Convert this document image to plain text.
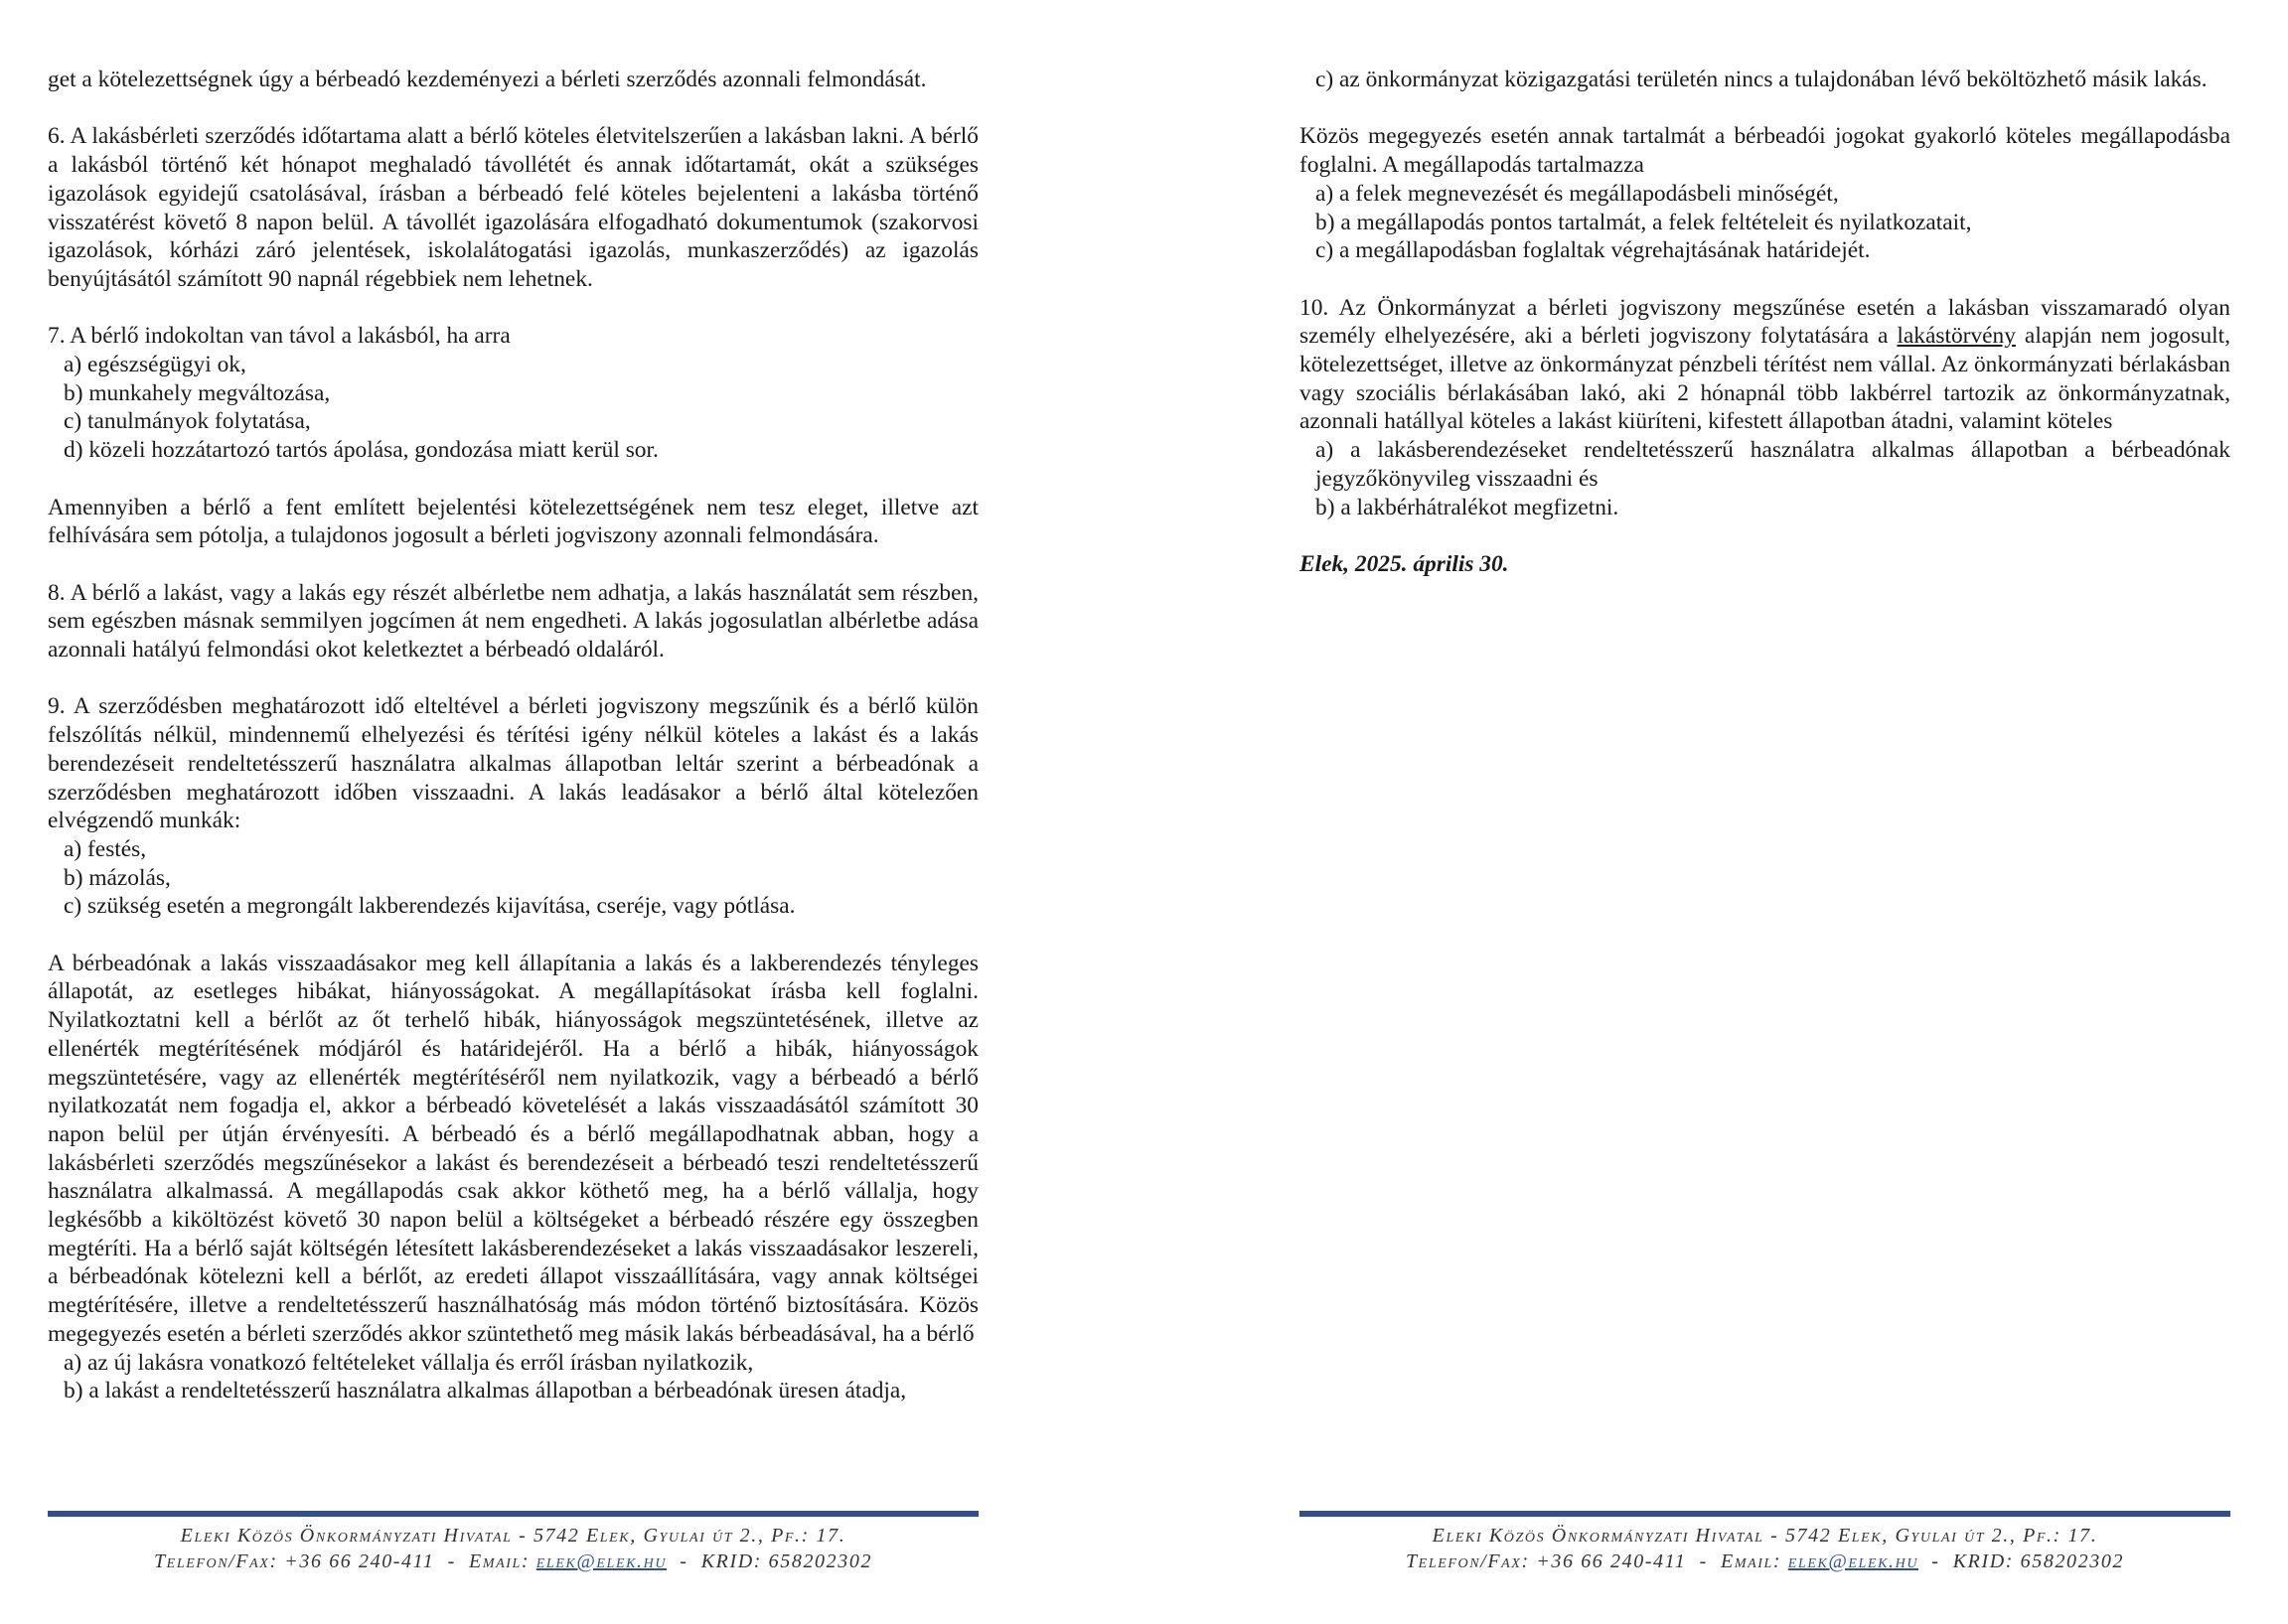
get a kötelezettségnek úgy a bérbeadó kezdeményezi a bérleti szerződés azonnali felmondását.

6. A lakásbérleti szerződés időtartama alatt a bérlő köteles életvitelszerűen a lakásban lakni. A bérlő a lakásból történő két hónapot meghaladó távollétét és annak időtartamát, okát a szükséges igazolások egyidejű csatolásával, írásban a bérbeadó felé köteles bejelenteni a lakásba történő visszatérést követő 8 napon belül. A távollét igazolására elfogadható dokumentumok (szakorvosi igazolások, kórházi záró jelentések, iskolalátogatási igazolás, munkaszerződés) az igazolás benyújtásától számított 90 napnál régebbiek nem lehetnek.

7. A bérlő indokoltan van távol a lakásból, ha arra

a) egészségügyi ok,
b) munkahely megváltozása,
c) tanulmányok folytatása,
d) közeli hozzátartozó tartós ápolása, gondozása miatt kerül sor.

Amennyiben a bérlő a fent említett bejelentési kötelezettségének nem tesz eleget, illetve azt felhívására sem pótolja, a tulajdonos jogosult a bérleti jogviszony azonnali felmondására.

8. A bérlő a lakást, vagy a lakás egy részét albérletbe nem adhatja, a lakás használatát sem részben, sem egészben másnak semmilyen jogcímen át nem engedheti. A lakás jogosulatlan albérletbe adása azonnali hatályú felmondási okot keletkeztet a bérbeadó oldaláról.

9. A szerződésben meghatározott idő elteltével a bérleti jogviszony megszűnik és a bérlő külön felszólítás nélkül, mindennemű elhelyezési és térítési igény nélkül köteles a lakást és a lakás berendezéseit rendeltetésszerű használatra alkalmas állapotban leltár szerint a bérbeadónak a szerződésben meghatározott időben visszaadni. A lakás leadásakor a bérlő által kötelezően elvégzendő munkák:

a) festés,
b) mázolás,
c) szükség esetén a megrongált lakberendezés kijavítása, cseréje, vagy pótlása.

A bérbeadónak a lakás visszaadásakor meg kell állapítania a lakás és a lakberendezés tényleges állapotát, az esetleges hibákat, hiányosságokat. A megállapításokat írásba kell foglalni. Nyilatkoztatni kell a bérlőt az őt terhelő hibák, hiányosságok megszüntetésének, illetve az ellenérték megtérítésének módjáról és határidejéről. Ha a bérlő a hibák, hiányosságok megszüntetésére, vagy az ellenérték megtérítéséről nem nyilatkozik, vagy a bérbeadó a bérlő nyilatkozatát nem fogadja el, akkor a bérbeadó követelését a lakás visszaadásától számított 30 napon belül per útján érvényesíti. A bérbeadó és a bérlő megállapodhatnak abban, hogy a lakásbérleti szerződés megszűnésekor a lakást és berendezéseit a bérbeadó teszi rendeltetésszerű használatra alkalmassá. A megállapodás csak akkor köthető meg, ha a bérlő vállalja, hogy legkésőbb a kiköltözést követő 30 napon belül a költségeket a bérbeadó részére egy összegben megtéríti. Ha a bérlő saját költségén létesített lakásberendezéseket a lakás visszaadásakor leszereli, a bérbeadónak kötelezni kell a bérlőt, az eredeti állapot visszaállítására, vagy annak költségei megtérítésére, illetve a rendeltetésszerű használhatóság más módon történő biztosítására. Közös megegyezés esetén a bérleti szerződés akkor szüntethető meg másik lakás bérbeadásával, ha a bérlő

a) az új lakásra vonatkozó feltételeket vállalja és erről írásban nyilatkozik,
b) a lakást a rendeltetésszerű használatra alkalmas állapotban a bérbeadónak üresen átadja,
Eleki Közös Önkormányzati Hivatal - 5742 Elek, Gyulai út 2., Pf.: 17.
Telefon/Fax: +36 66 240-411  -  Email: elek@elek.hu  -  KRID: 658202302
c) az önkormányzat közigazgatási területén nincs a tulajdonában lévő beköltözhető másik lakás.

Közös megegyezés esetén annak tartalmát a bérbeadói jogokat gyakorló köteles megállapodásba foglalni. A megállapodás tartalmazza

a) a felek megnevezését és megállapodásbeli minőségét,
b) a megállapodás pontos tartalmát, a felek feltételeit és nyilatkozatait,
c) a megállapodásban foglaltak végrehajtásának határidejét.

10. Az Önkormányzat a bérleti jogviszony megszűnése esetén a lakásban visszamaradó olyan személy elhelyezésére, aki a bérleti jogviszony folytatására a lakástörvény alapján nem jogosult, kötelezettséget, illetve az önkormányzat pénzbeli térítést nem vállal. Az önkormányzati bérlakásban vagy szociális bérlakásában lakó, aki 2 hónapnál több lakbérrel tartozik az önkormányzatnak, azonnali hatállyal köteles a lakást kiüríteni, kifestett állapotban átadni, valamint köteles

a) a lakásberendezéseket rendeltetésszerű használatra alkalmas állapotban a bérbeadónak jegyzőkönyvileg visszaadni és
b) a lakbérhátralékot megfizetni.

Elek, 2025. április 30.

Eleki Közös Önkormányzati Hivatal - 5742 Elek, Gyulai út 2., Pf.: 17.
Telefon/Fax: +36 66 240-411  -  Email: elek@elek.hu  -  KRID: 658202302
